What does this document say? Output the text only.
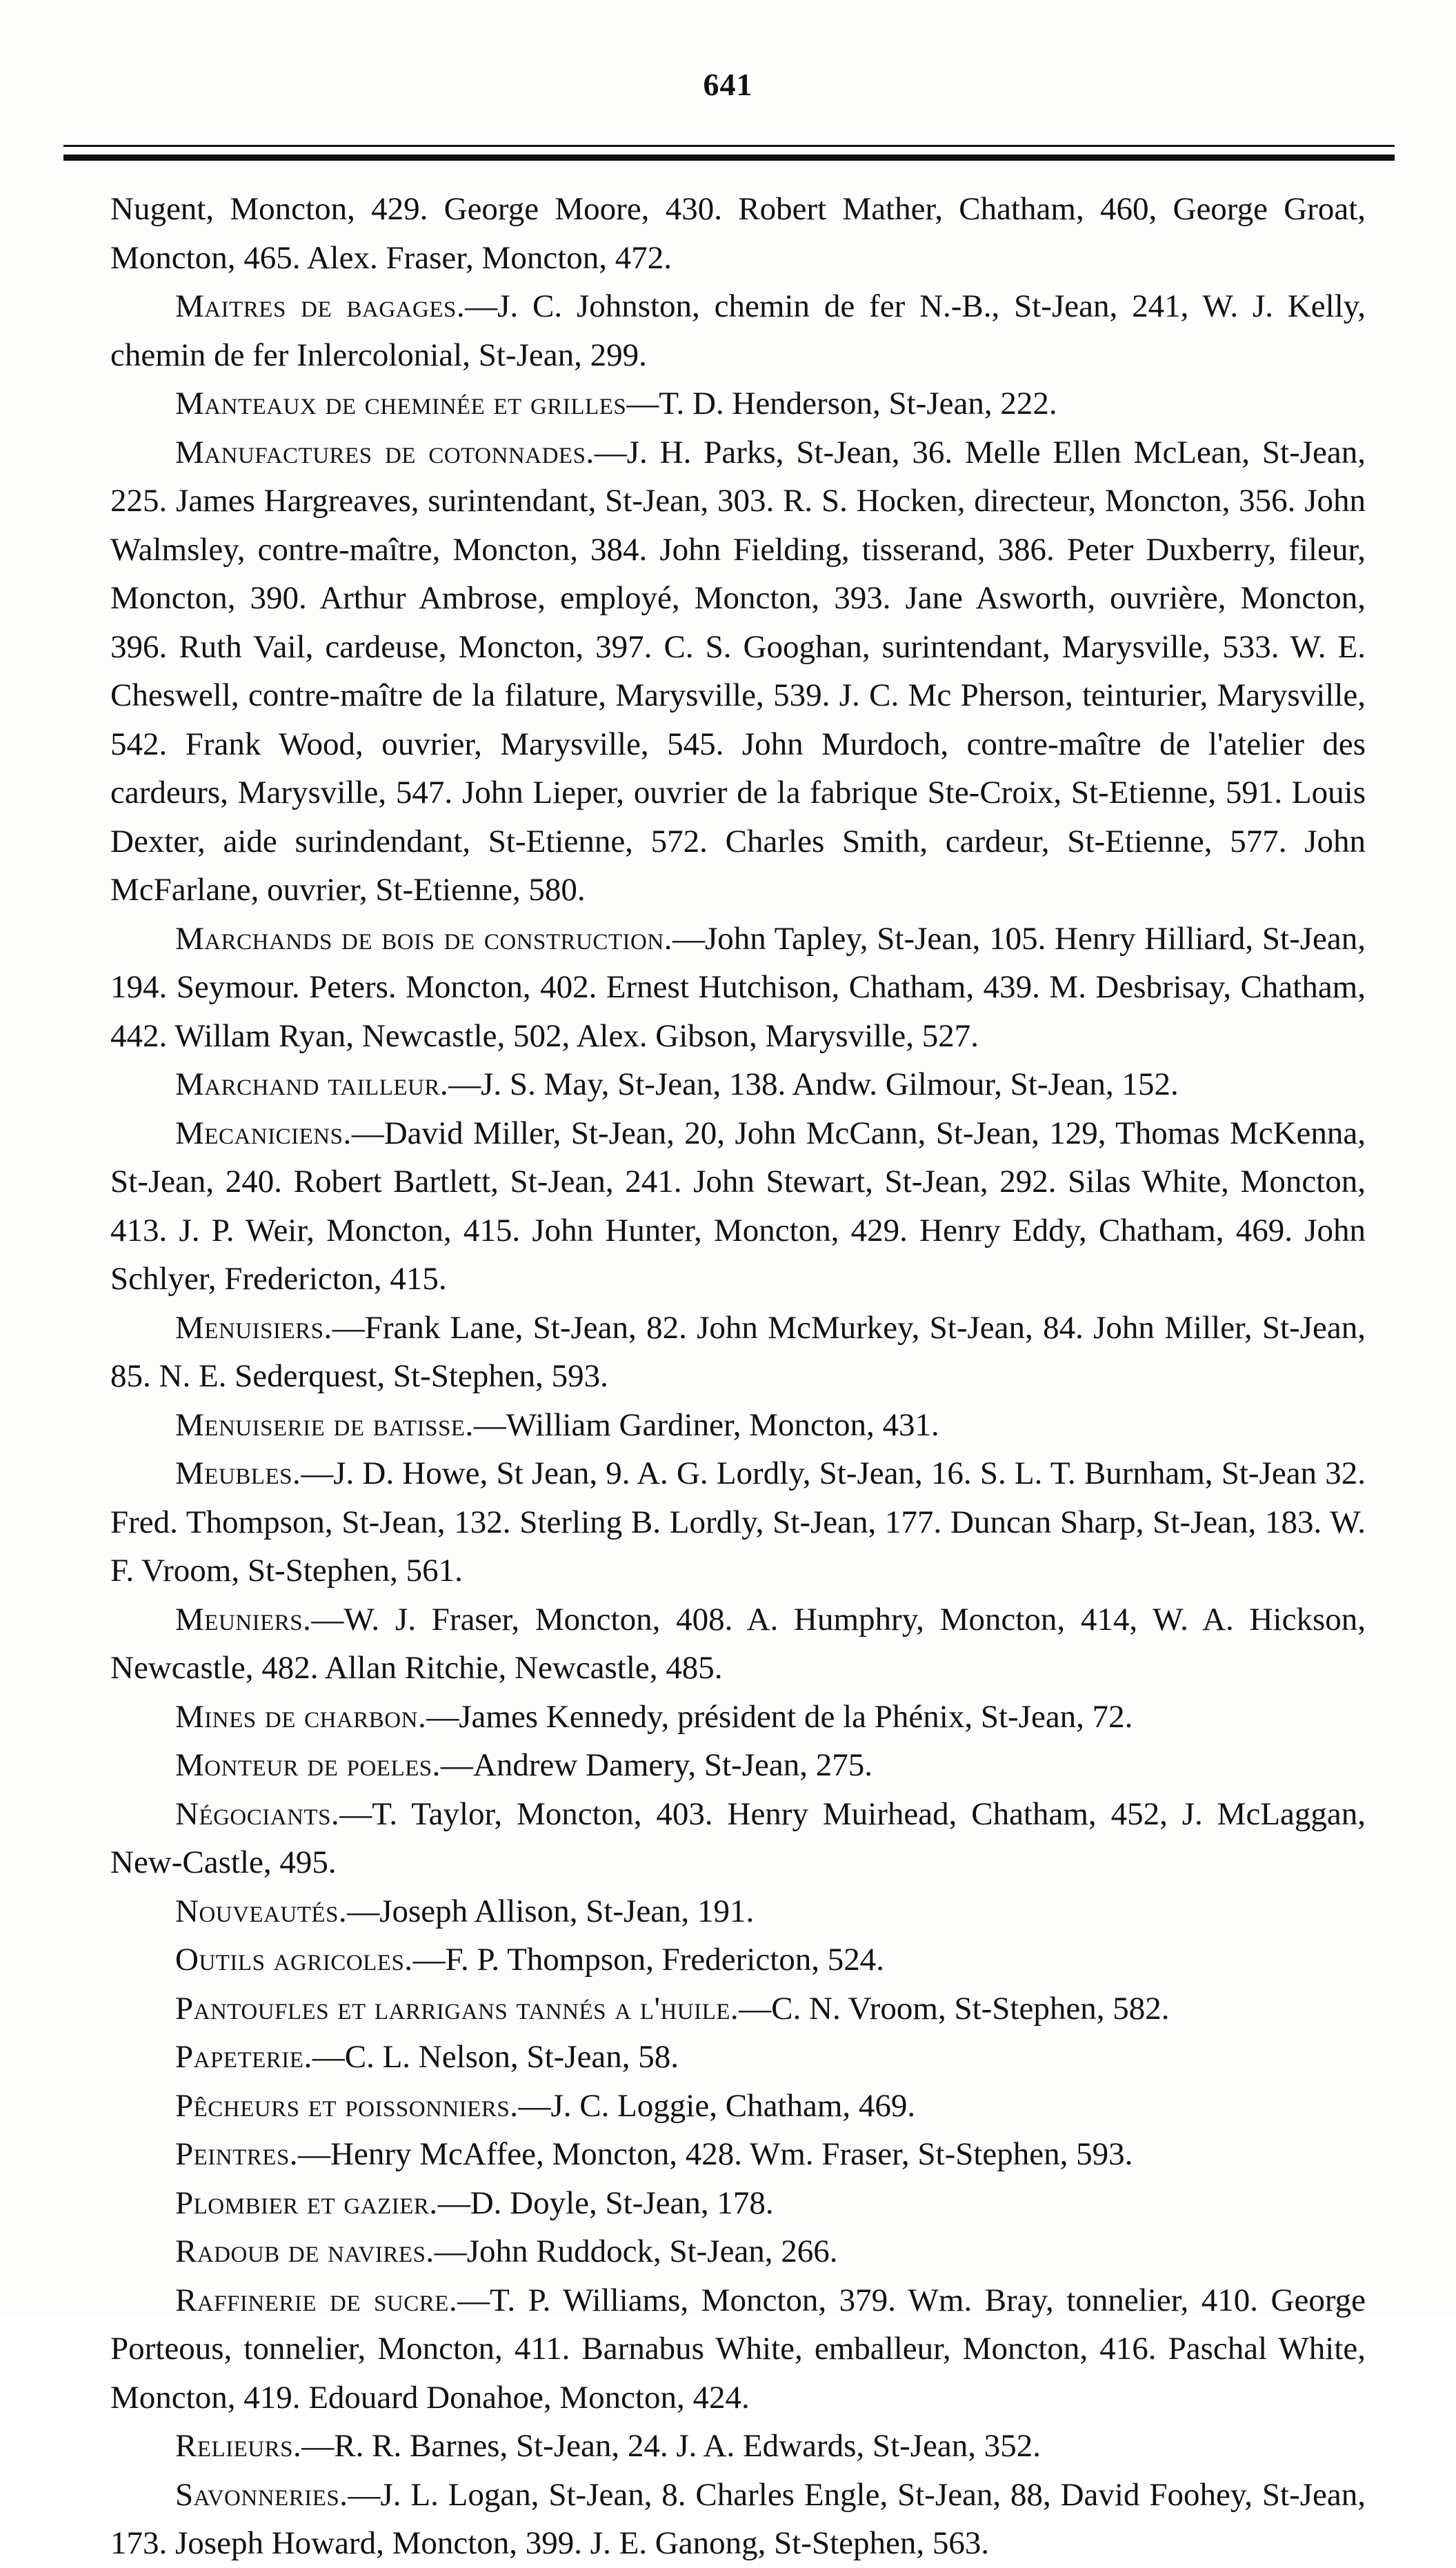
641

Nugent, Moncton, 429. George Moore, 430. Robert Mather, Chatham, 460, George Groat, Moncton, 465. Alex. Fraser, Moncton, 472.

Maitres de bagages.—J. C. Johnston, chemin de fer N.-B., St-Jean, 241, W. J. Kelly, chemin de fer Inlercolonial, St-Jean, 299.

Manteaux de cheminée et grilles—T. D. Henderson, St-Jean, 222.

Manufactures de cotonnades.—J. H. Parks, St-Jean, 36. Melle Ellen McLean, St-Jean, 225. James Hargreaves, surintendant, St-Jean, 303. R. S. Hocken, directeur, Moncton, 356. John Walmsley, contre-maître, Moncton, 384. John Fielding, tisserand, 386. Peter Duxberry, fileur, Moncton, 390. Arthur Ambrose, employé, Moncton, 393. Jane Asworth, ouvrière, Moncton, 396. Ruth Vail, cardeuse, Moncton, 397. C. S. Googhan, surintendant, Marysville, 533. W. E. Cheswell, contre-maître de la filature, Marysville, 539. J. C. Mc Pherson, teinturier, Marysville, 542. Frank Wood, ouvrier, Marysville, 545. John Murdoch, contre-maître de l'atelier des cardeurs, Marysville, 547. John Lieper, ouvrier de la fabrique Ste-Croix, St-Etienne, 591. Louis Dexter, aide surindendant, St-Etienne, 572. Charles Smith, cardeur, St-Etienne, 577. John McFarlane, ouvrier, St-Etienne, 580.

Marchands de bois de construction.—John Tapley, St-Jean, 105. Henry Hilliard, St-Jean, 194. Seymour. Peters. Moncton, 402. Ernest Hutchison, Chatham, 439. M. Desbrisay, Chatham, 442. Willam Ryan, Newcastle, 502, Alex. Gibson, Marysville, 527.

Marchand tailleur.—J. S. May, St-Jean, 138. Andw. Gilmour, St-Jean, 152.

Mecaniciens.—David Miller, St-Jean, 20, John McCann, St-Jean, 129, Thomas McKenna, St-Jean, 240. Robert Bartlett, St-Jean, 241. John Stewart, St-Jean, 292. Silas White, Moncton, 413. J. P. Weir, Moncton, 415. John Hunter, Moncton, 429. Henry Eddy, Chatham, 469. John Schlyer, Fredericton, 415.

Menuisiers.—Frank Lane, St-Jean, 82. John McMurkey, St-Jean, 84. John Miller, St-Jean, 85. N. E. Sederquest, St-Stephen, 593.

Menuiserie de batisse.—William Gardiner, Moncton, 431.

Meubles.—J. D. Howe, St Jean, 9. A. G. Lordly, St-Jean, 16. S. L. T. Burnham, St-Jean 32. Fred. Thompson, St-Jean, 132. Sterling B. Lordly, St-Jean, 177. Duncan Sharp, St-Jean, 183. W. F. Vroom, St-Stephen, 561.

Meuniers.—W. J. Fraser, Moncton, 408. A. Humphry, Moncton, 414, W. A. Hickson, Newcastle, 482. Allan Ritchie, Newcastle, 485.

Mines de charbon.—James Kennedy, président de la Phénix, St-Jean, 72.

Monteur de poeles.—Andrew Damery, St-Jean, 275.

Négociants.—T. Taylor, Moncton, 403. Henry Muirhead, Chatham, 452, J. McLaggan, New-Castle, 495.

Nouveautés.—Joseph Allison, St-Jean, 191.

Outils agricoles.—F. P. Thompson, Fredericton, 524.

Pantoufles et larrigans tannés a l'huile.—C. N. Vroom, St-Stephen, 582.

Papeterie.—C. L. Nelson, St-Jean, 58.

Pêcheurs et poissonniers.—J. C. Loggie, Chatham, 469.

Peintres.—Henry McAffee, Moncton, 428. Wm. Fraser, St-Stephen, 593.

Plombier et gazier.—D. Doyle, St-Jean, 178.

Radoub de navires.—John Ruddock, St-Jean, 266.

Raffinerie de sucre.—T. P. Williams, Moncton, 379. Wm. Bray, tonnelier, 410. George Porteous, tonnelier, Moncton, 411. Barnabus White, emballeur, Moncton, 416. Paschal White, Moncton, 419. Edouard Donahoe, Moncton, 424.

Relieurs.—R. R. Barnes, St-Jean, 24. J. A. Edwards, St-Jean, 352.

Savonneries.—J. L. Logan, St-Jean, 8. Charles Engle, St-Jean, 88, David Foohey, St-Jean, 173. Joseph Howard, Moncton, 399. J. E. Ganong, St-Stephen, 563.
